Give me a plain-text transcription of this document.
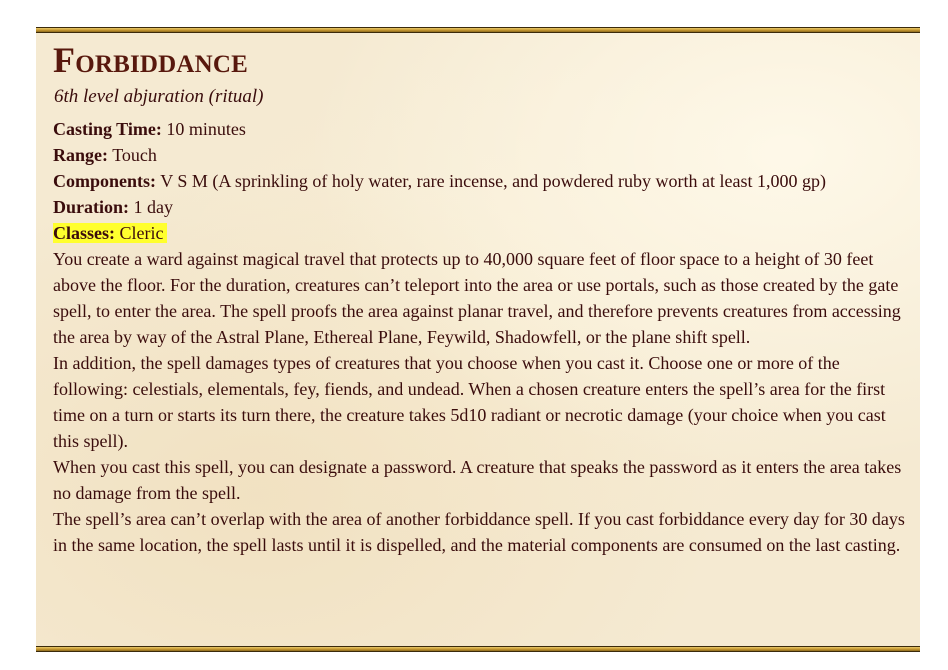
Forbiddance
6th level abjuration (ritual)
Casting Time: 10 minutes
Range: Touch
Components: V S M (A sprinkling of holy water, rare incense, and powdered ruby worth at least 1,000 gp)
Duration: 1 day
Classes: Cleric

You create a ward against magical travel that protects up to 40,000 square feet of floor space to a height of 30 feet above the floor. For the duration, creatures can’t teleport into the area or use portals, such as those created by the gate spell, to enter the area. The spell proofs the area against planar travel, and therefore prevents creatures from accessing the area by way of the Astral Plane, Ethereal Plane, Feywild, Shadowfell, or the plane shift spell.

In addition, the spell damages types of creatures that you choose when you cast it. Choose one or more of the following: celestials, elementals, fey, fiends, and undead. When a chosen creature enters the spell’s area for the first time on a turn or starts its turn there, the creature takes 5d10 radiant or necrotic damage (your choice when you cast this spell).

When you cast this spell, you can designate a password. A creature that speaks the password as it enters the area takes no damage from the spell.

The spell’s area can’t overlap with the area of another forbiddance spell. If you cast forbiddance every day for 30 days in the same location, the spell lasts until it is dispelled, and the material components are consumed on the last casting.
